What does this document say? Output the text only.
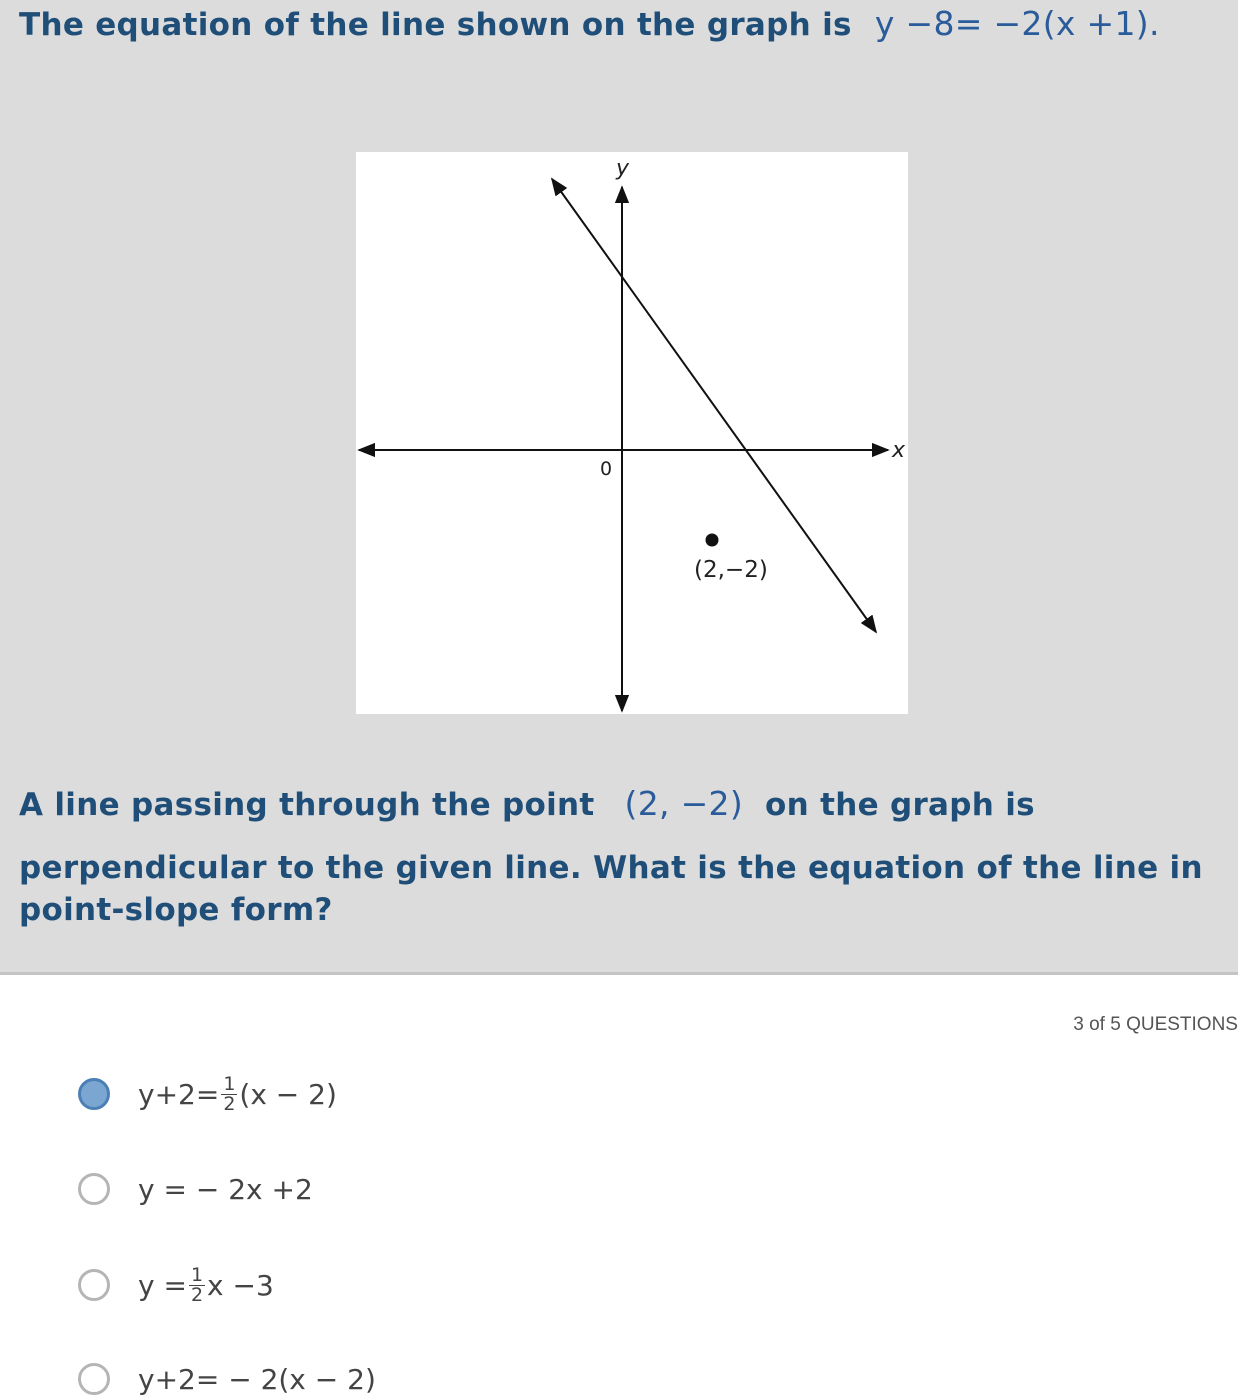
The equation of the line shown on the graph is y −8= −2(x +1).
x
y
0
(2,−2)
A line passing through the point (2, −2) on the graph is
perpendicular to the given line. What is the equation of the line in
point-slope form?
3 of 5 QUESTIONS
$y+2= \frac{1}{2} (x - 2)$
y = − 2x +2
$y = \frac{1}{2}$ x −3
y+2= − 2(x − 2)
